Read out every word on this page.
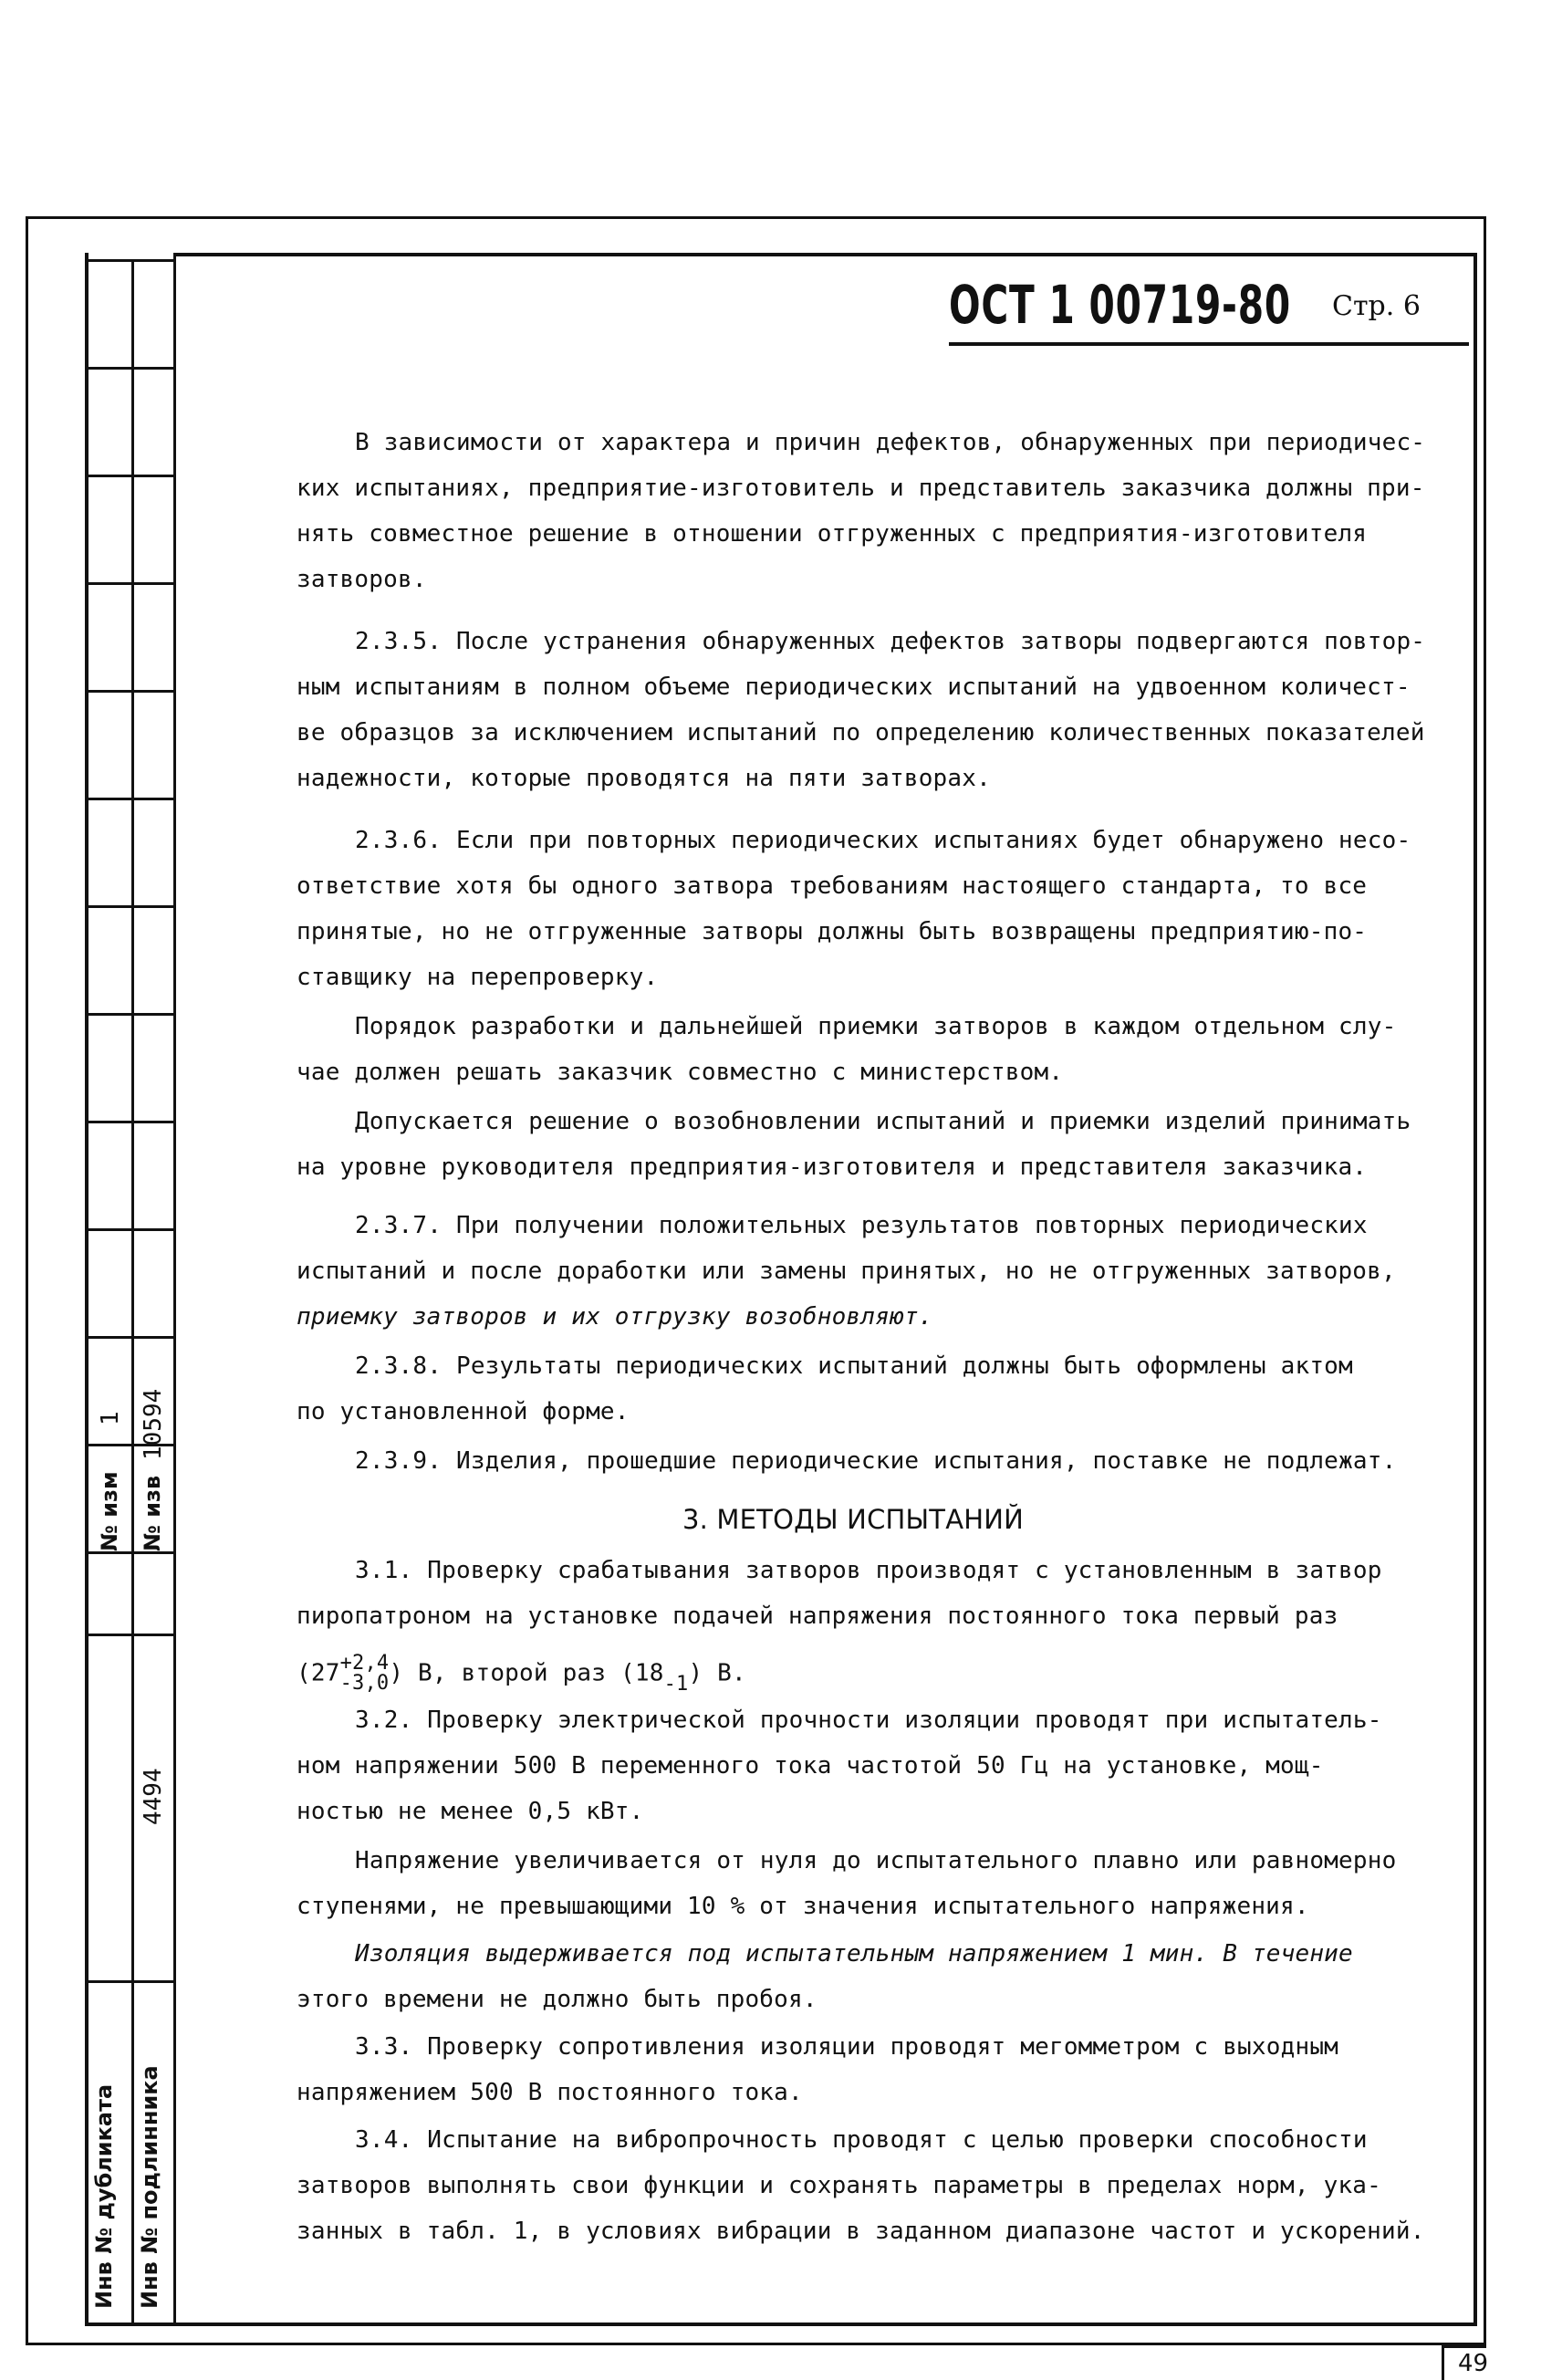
№ изм
1
№ изв
10594
4494
Инв № дубликата Инв № подлинника
ОСТ 1 00719-80 Стр. 6
В зависимости от характера и причин дефектов, обнаруженных при периодичес-
ких испытаниях, предприятие-изготовитель и представитель заказчика должны при-
нять совместное решение в отношении отгруженных с предприятия-изготовителя
затворов.
2.3.5. После устранения обнаруженных дефектов затворы подвергаются повтор-
ным испытаниям в полном объеме периодических испытаний на удвоенном количест-
ве образцов за исключением испытаний по определению количественных показателей
надежности, которые проводятся на пяти затворах.
2.3.6. Если при повторных периодических испытаниях будет обнаружено несо-
ответствие хотя бы одного затвора требованиям настоящего стандарта, то все
принятые, но не отгруженные затворы должны быть возвращены предприятию-по-
ставщику на перепроверку.
Порядок разработки и дальнейшей приемки затворов в каждом отдельном слу-
чае должен решать заказчик совместно с министерством.
Допускается решение о возобновлении испытаний и приемки изделий принимать
на уровне руководителя предприятия-изготовителя и представителя заказчика.
2.3.7. При получении положительных результатов повторных периодических
испытаний и после доработки или замены принятых, но не отгруженных затворов,
приемку затворов и их отгрузку возобновляют.
2.3.8. Результаты периодических испытаний должны быть оформлены актом
по установленной форме.
2.3.9. Изделия, прошедшие периодические испытания, поставке не подлежат.
3. МЕТОДЫ ИСПЫТАНИЙ
3.1. Проверку срабатывания затворов производят с установленным в затвор
пиропатроном на установке подачей напряжения постоянного тока первый раз
(27 +2,4
-3,0 ) В, второй раз $(18_{-1})$ В.
3.2. Проверку электрической прочности изоляции проводят при испытатель-
ном напряжении 500 В переменного тока частотой 50 Гц на установке, мощ-
ностью не менее 0,5 кВт.
Напряжение увеличивается от нуля до испытательного плавно или равномерно
ступенями, не превышающими 10 % от значения испытательного напряжения.
Изоляция выдерживается под испытательным напряжением 1 мин. В течение
этого времени не должно быть пробоя.
3.3. Проверку сопротивления изоляции проводят мегомметром с выходным
напряжением 500 В постоянного тока.
3.4. Испытание на вибропрочность проводят с целью проверки способности
затворов выполнять свои функции и сохранять параметры в пределах норм, ука-
занных в табл. 1, в условиях вибрации в заданном диапазоне частот и ускорений.
49
